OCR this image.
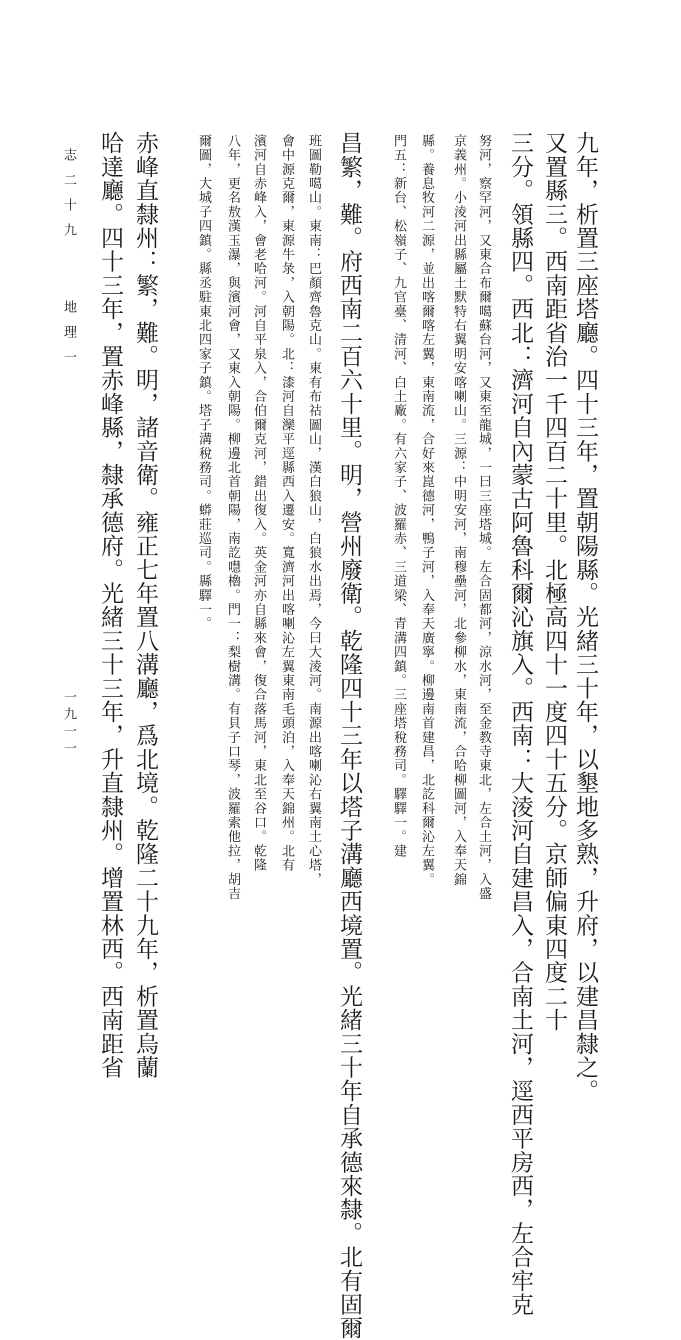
九年，析置三座塔廳。四十三年，置朝陽縣。光緒三十年，以墾地多熟，升府，以建昌隸之。
又置縣三。西南距省治一千四百二十里。北極高四十一度四十五分。京師偏東四度二十
三分。領縣四。西北：濟河自內蒙古阿魯科爾沁旗入。西南：大淩河自建昌入，合南土河，逕西平房西，左合牢克
努河，察罕河，又東合布爾噶蘇台河，又東至龍城，一曰三座塔城。左合固都河，涼水河，至金教寺東北，左合土河，入盛
京義州。小淩河出縣屬土默特右翼明安喀喇山。三源：中明安河，南穆壘河，北參柳水，東南流，合哈柳圖河，入奉天錦
縣。養息牧河二源，並出喀爾喀左翼，東南流，合好來崑德河，鴨子河，入奉天廣寧。柳邊南首建昌，北訖科爾沁左翼。
門五：新台、松嶺子、九官臺、清河、白土廠。有六家子、波羅赤、三道梁、青溝四鎮。三座塔稅務司。驛驛一。建
昌繁，難。府西南二百六十里。明，營州廢衛。乾隆四十三年以塔子溝廳西境置。光緒三十年自承德來隸。北有固爾
班圖勒噶山。東南：巴顏齊魯克山。東有布祜圖山，漢白狼山，白狼水出焉，今曰大淩河。南源出喀喇沁右翼南土心塔，
會中源克爾，東源牛彔，入朝陽。北：漆河自灤平逕縣西入遷安。寬濟河出喀喇沁左翼東南毛頭泊，入奉天錦州。北有
濱河自赤峰入，會老哈河。河自平泉入，合伯爾克河，錯出復入。英金河亦自縣來會，復合落馬河，東北至谷口。乾隆
八年，更名敖漢玉瀑，與濱河會，又東入朝陽。柳邊北首朝陽，南訖嚖櫓。門一：梨樹溝。有貝子口琴，波羅索他拉，胡吉
爾圖，大城子四鎮。縣丞駐東北四家子鎮。塔子溝稅務司。蟒莊巡司。縣驛一。
赤峰直隸州：繁，難。明，諸音衛。雍正七年置八溝廳，爲北境。乾隆二十九年，析置烏蘭
哈達廳。四十三年，置赤峰縣，隸承德府。光緒三十三年，升直隸州。增置林西。西南距省
志二十九
地理一
一九一一
